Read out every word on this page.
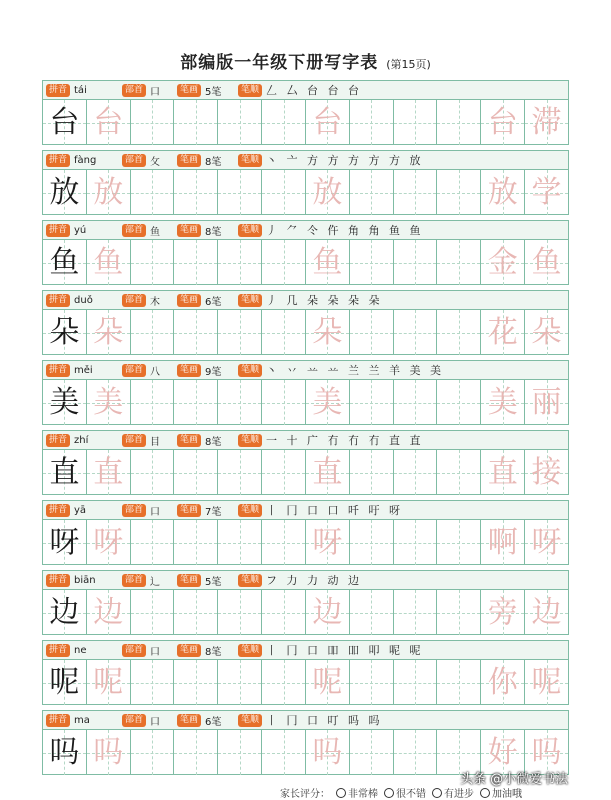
部编版一年级下册写字表 (第15页)
拼音 tái	部首 口	笔画 5笔	笔顺 𠃋 厶 台 台 台
台 台	台	台 滞
拼音 fàng	部首 攵	笔画 8笔	笔顺 丶 亠 方 方 方 方 方 放
放 放	放	放 学
拼音 yú	部首 鱼	笔画 8笔	笔顺 丿 ⺈ 仒 仵 角 角 鱼 鱼
鱼 鱼	鱼	金 鱼
拼音 duǒ	部首 木	笔画 6笔	笔顺 丿 几 朵 朵 朵 朵
朵 朵	朵	花 朵
拼音 měi	部首 八	笔画 9笔	笔顺 丶 丷 䒑 䒑 兰 兰 羊 美 美
美 美	美	美 丽
拼音 zhí	部首 目	笔画 8笔	笔顺 一 十 广 冇 冇 冇 直 直
直 直	直	直 接
拼音 yā	部首 口	笔画 7笔	笔顺 丨 冂 口 口 吀 吁 呀
呀 呀	呀	啊 呀
拼音 biān	部首 辶	笔画 5笔	笔顺 フ 力 力 动 边
边 边	边	旁 边
拼音 ne	部首 口	笔画 8笔	笔顺 丨 冂 口 吅 吅 叩 呢 呢
呢 呢	呢	你 呢
拼音 ma	部首 口	笔画 6笔	笔顺 丨 冂 口 叮 吗 吗
吗 吗	吗	好 吗
家长评分： 非常棒 很不错 有进步 加油哦
头条 @小微爱书法
